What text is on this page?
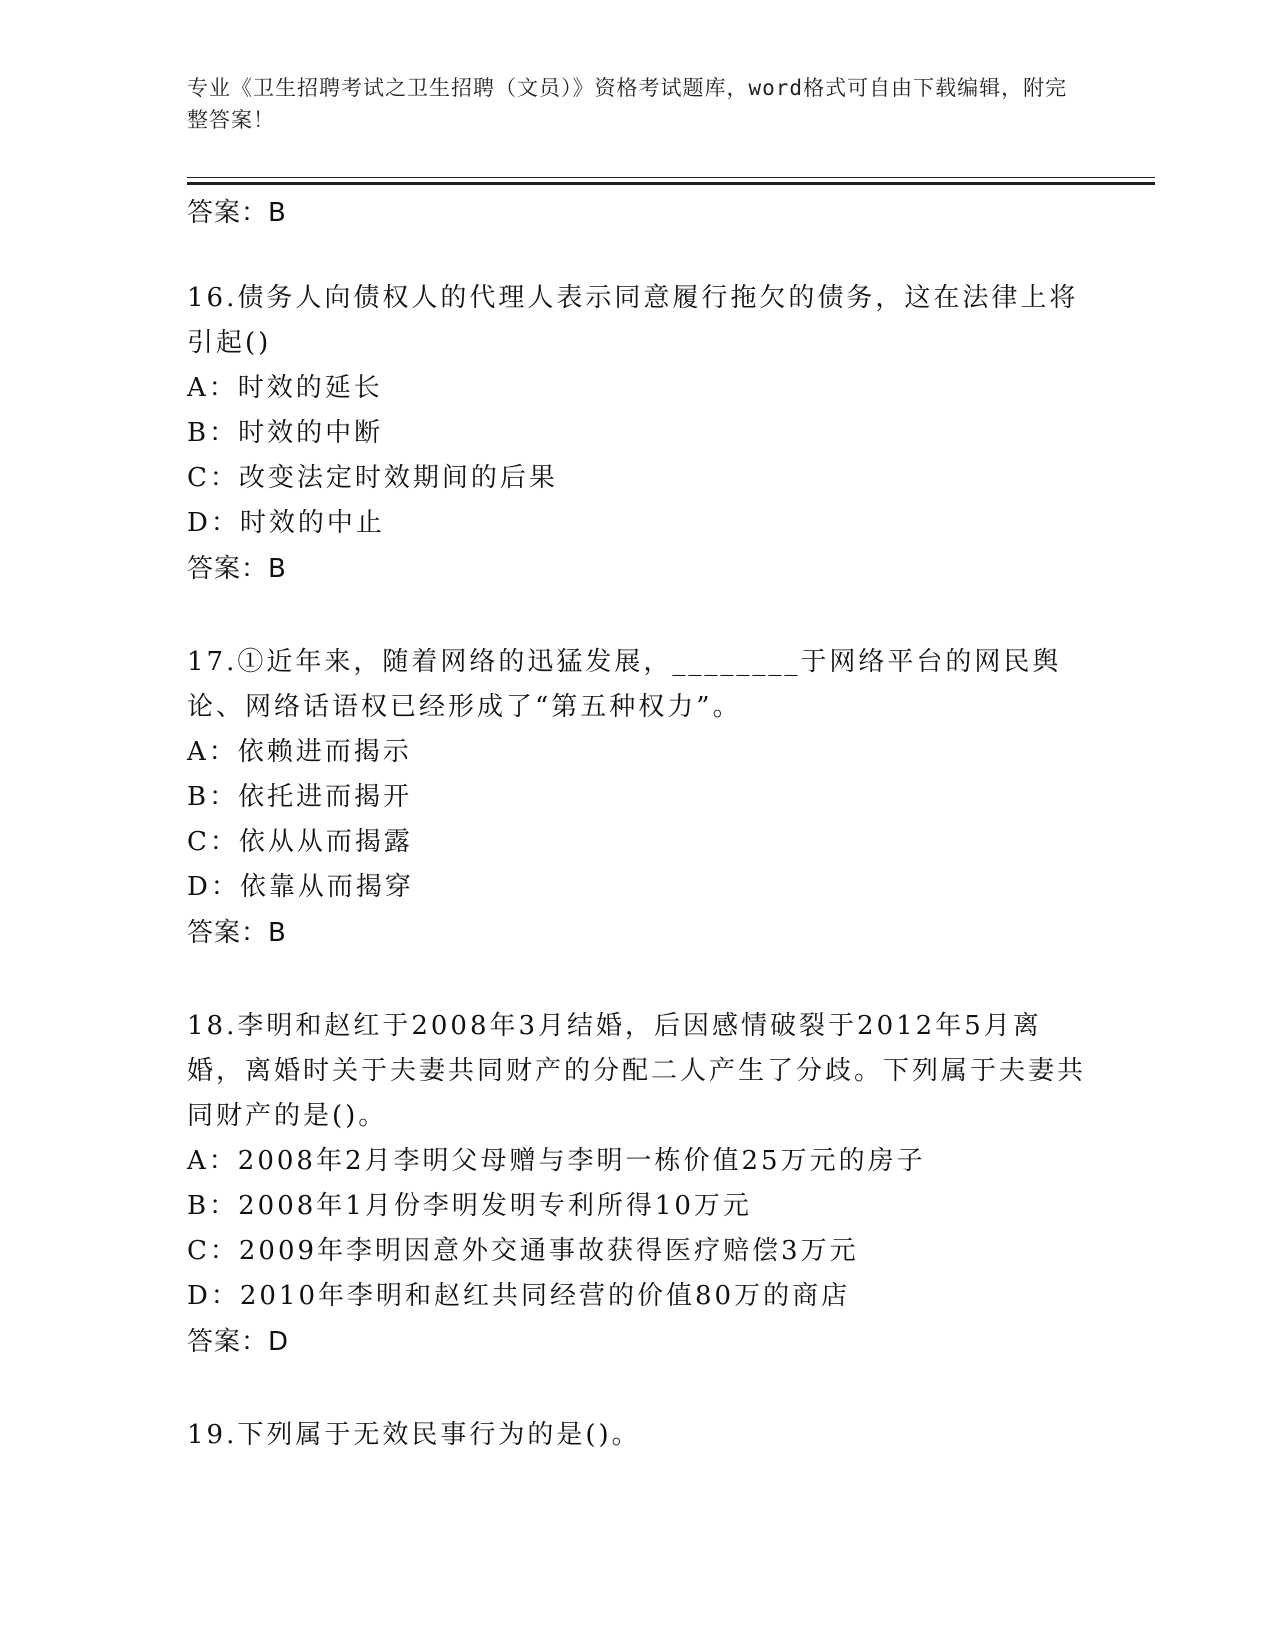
专业《卫生招聘考试之卫生招聘（文员）》资格考试题库，word格式可自由下载编辑，附完整答案！
答案：B
16.债务人向债权人的代理人表示同意履行拖欠的债务，这在法律上将引起()
A：时效的延长
B：时效的中断
C：改变法定时效期间的后果
D：时效的中止
答案：B
17.①近年来，随着网络的迅猛发展，________于网络平台的网民舆论、网络话语权已经形成了“第五种权力”。
A：依赖进而揭示
B：依托进而揭开
C：依从从而揭露
D：依靠从而揭穿
答案：B
18.李明和赵红于2008年3月结婚，后因感情破裂于2012年5月离婚，离婚时关于夫妻共同财产的分配二人产生了分歧。下列属于夫妻共同财产的是()。
A：2008年2月李明父母赠与李明一栋价值25万元的房子
B：2008年1月份李明发明专利所得10万元
C：2009年李明因意外交通事故获得医疗赔偿3万元
D：2010年李明和赵红共同经营的价值80万的商店
答案：D
19.下列属于无效民事行为的是()。
